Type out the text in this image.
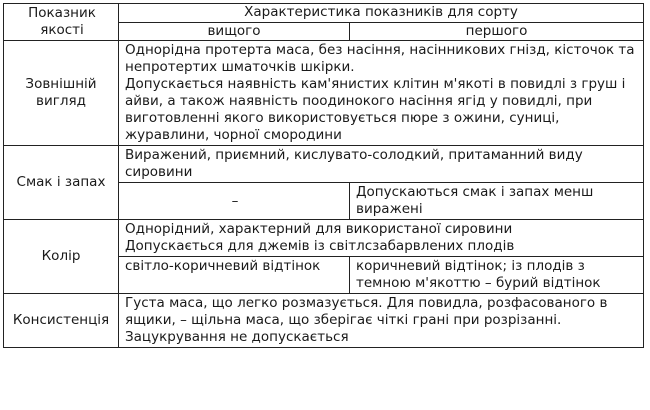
Показник якості	Характеристика показників для сорту	
	вищого	першого
Зовнішній вигляд	Однорідна протерта маса, без насіння, насінникових гнізд, кісточок та непротертих шматочків шкірки.
Допускається наявність кам'янистих клітин м'якоті в повидлі з груш і айви, а також наявність поодинокого насіння ягід у повидлі, при виготовленні якого використовується пюре з ожини, суниці, журавлини, чорної смородини	

Смак і запах	Виражений, приємний, кислувато-солодкий, притаманний виду сировини	
	–	Допускаються смак і запах менш виражені
Колір	Однорідний, характерний для використаної сировини
Допускається для джемів із світлсзабарвлених плодів	

	світло-коричневий відтінок	коричневий відтінок; із плодів з темною м'якоттю – бурий відтінок
Консистенція	Густа маса, що легко розмазується. Для повидла, розфасованого в ящики, – щільна маса, що зберігає чіткі грані при розрізанні.
Зацукрування не допускається	
